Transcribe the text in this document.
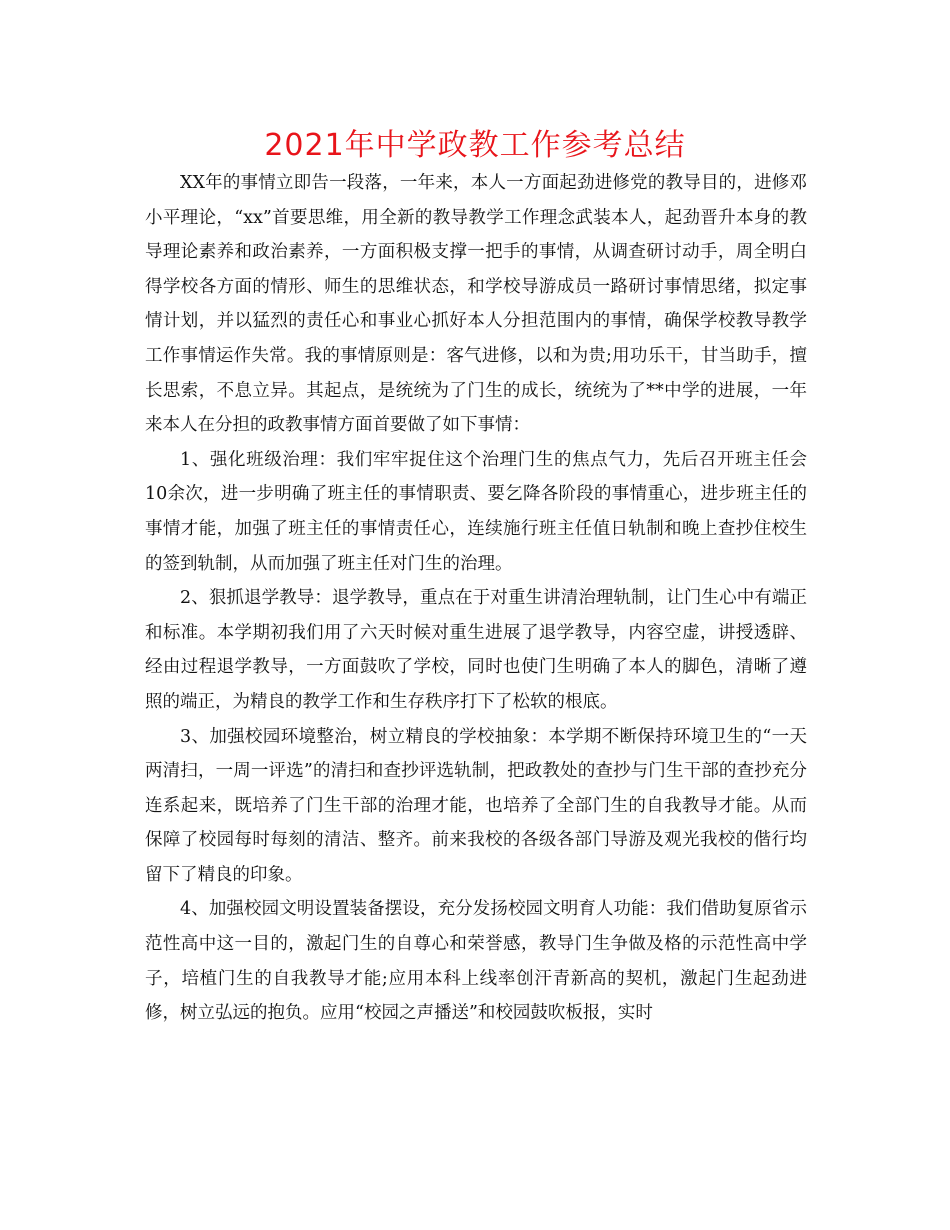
2021年中学政教工作参考总结

XX年的事情立即告一段落，一年来，本人一方面起劲进修党的教导目的，进修邓小平理论，“xx”首要思维，用全新的教导教学工作理念武装本人，起劲晋升本身的教导理论素养和政治素养，一方面积极支撑一把手的事情，从调查研讨动手，周全明白得学校各方面的情形、师生的思维状态，和学校导游成员一路研讨事情思绪，拟定事情计划，并以猛烈的责任心和事业心抓好本人分担范围内的事情，确保学校教导教学工作事情运作失常。我的事情原则是：客气进修，以和为贵;用功乐干，甘当助手，擅长思索，不息立异。其起点，是统统为了门生的成长，统统为了**中学的进展，一年来本人在分担的政教事情方面首要做了如下事情：

1、强化班级治理：我们牢牢捉住这个治理门生的焦点气力，先后召开班主任会10余次，进一步明确了班主任的事情职责、要乞降各阶段的事情重心，进步班主任的事情才能，加强了班主任的事情责任心，连续施行班主任值日轨制和晚上查抄住校生的签到轨制，从而加强了班主任对门生的治理。

2、狠抓退学教导：退学教导，重点在于对重生讲清治理轨制，让门生心中有端正和标准。本学期初我们用了六天时候对重生进展了退学教导，内容空虚，讲授透辟、经由过程退学教导，一方面鼓吹了学校，同时也使门生明确了本人的脚色，清晰了遵照的端正，为精良的教学工作和生存秩序打下了松软的根底。

3、加强校园环境整治，树立精良的学校抽象：本学期不断保持环境卫生的“一天两清扫，一周一评选”的清扫和查抄评选轨制，把政教处的查抄与门生干部的查抄充分连系起来，既培养了门生干部的治理才能，也培养了全部门生的自我教导才能。从而保障了校园每时每刻的清洁、整齐。前来我校的各级各部门导游及观光我校的偕行均留下了精良的印象。

4、加强校园文明设置装备摆设，充分发扬校园文明育人功能：我们借助复原省示范性高中这一目的，激起门生的自尊心和荣誉感，教导门生争做及格的示范性高中学子，培植门生的自我教导才能;应用本科上线率创汗青新高的契机，激起门生起劲进修，树立弘远的抱负。应用“校园之声播送”和校园鼓吹板报，实时
